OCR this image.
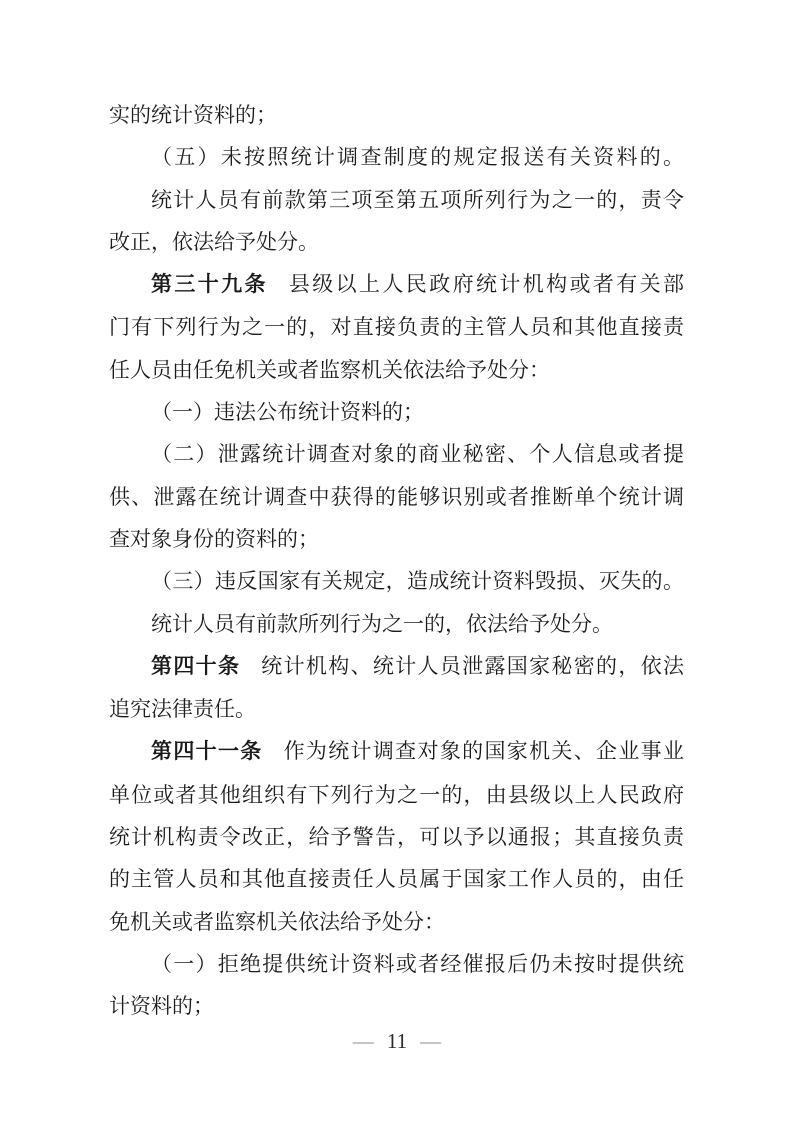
实的统计资料的；
（五）未按照统计调查制度的规定报送有关资料的。
统计人员有前款第三项至第五项所列行为之一的，责令
改正，依法给予处分。
第三十九条 县级以上人民政府统计机构或者有关部
门有下列行为之一的，对直接负责的主管人员和其他直接责
任人员由任免机关或者监察机关依法给予处分：
（一）违法公布统计资料的；
（二）泄露统计调查对象的商业秘密、个人信息或者提
供、泄露在统计调查中获得的能够识别或者推断单个统计调
查对象身份的资料的；
（三）违反国家有关规定，造成统计资料毁损、灭失的。
统计人员有前款所列行为之一的，依法给予处分。
第四十条 统计机构、统计人员泄露国家秘密的，依法
追究法律责任。
第四十一条 作为统计调查对象的国家机关、企业事业
单位或者其他组织有下列行为之一的，由县级以上人民政府
统计机构责令改正，给予警告，可以予以通报；其直接负责
的主管人员和其他直接责任人员属于国家工作人员的，由任
免机关或者监察机关依法给予处分：
（一）拒绝提供统计资料或者经催报后仍未按时提供统
计资料的；
— 11 —
